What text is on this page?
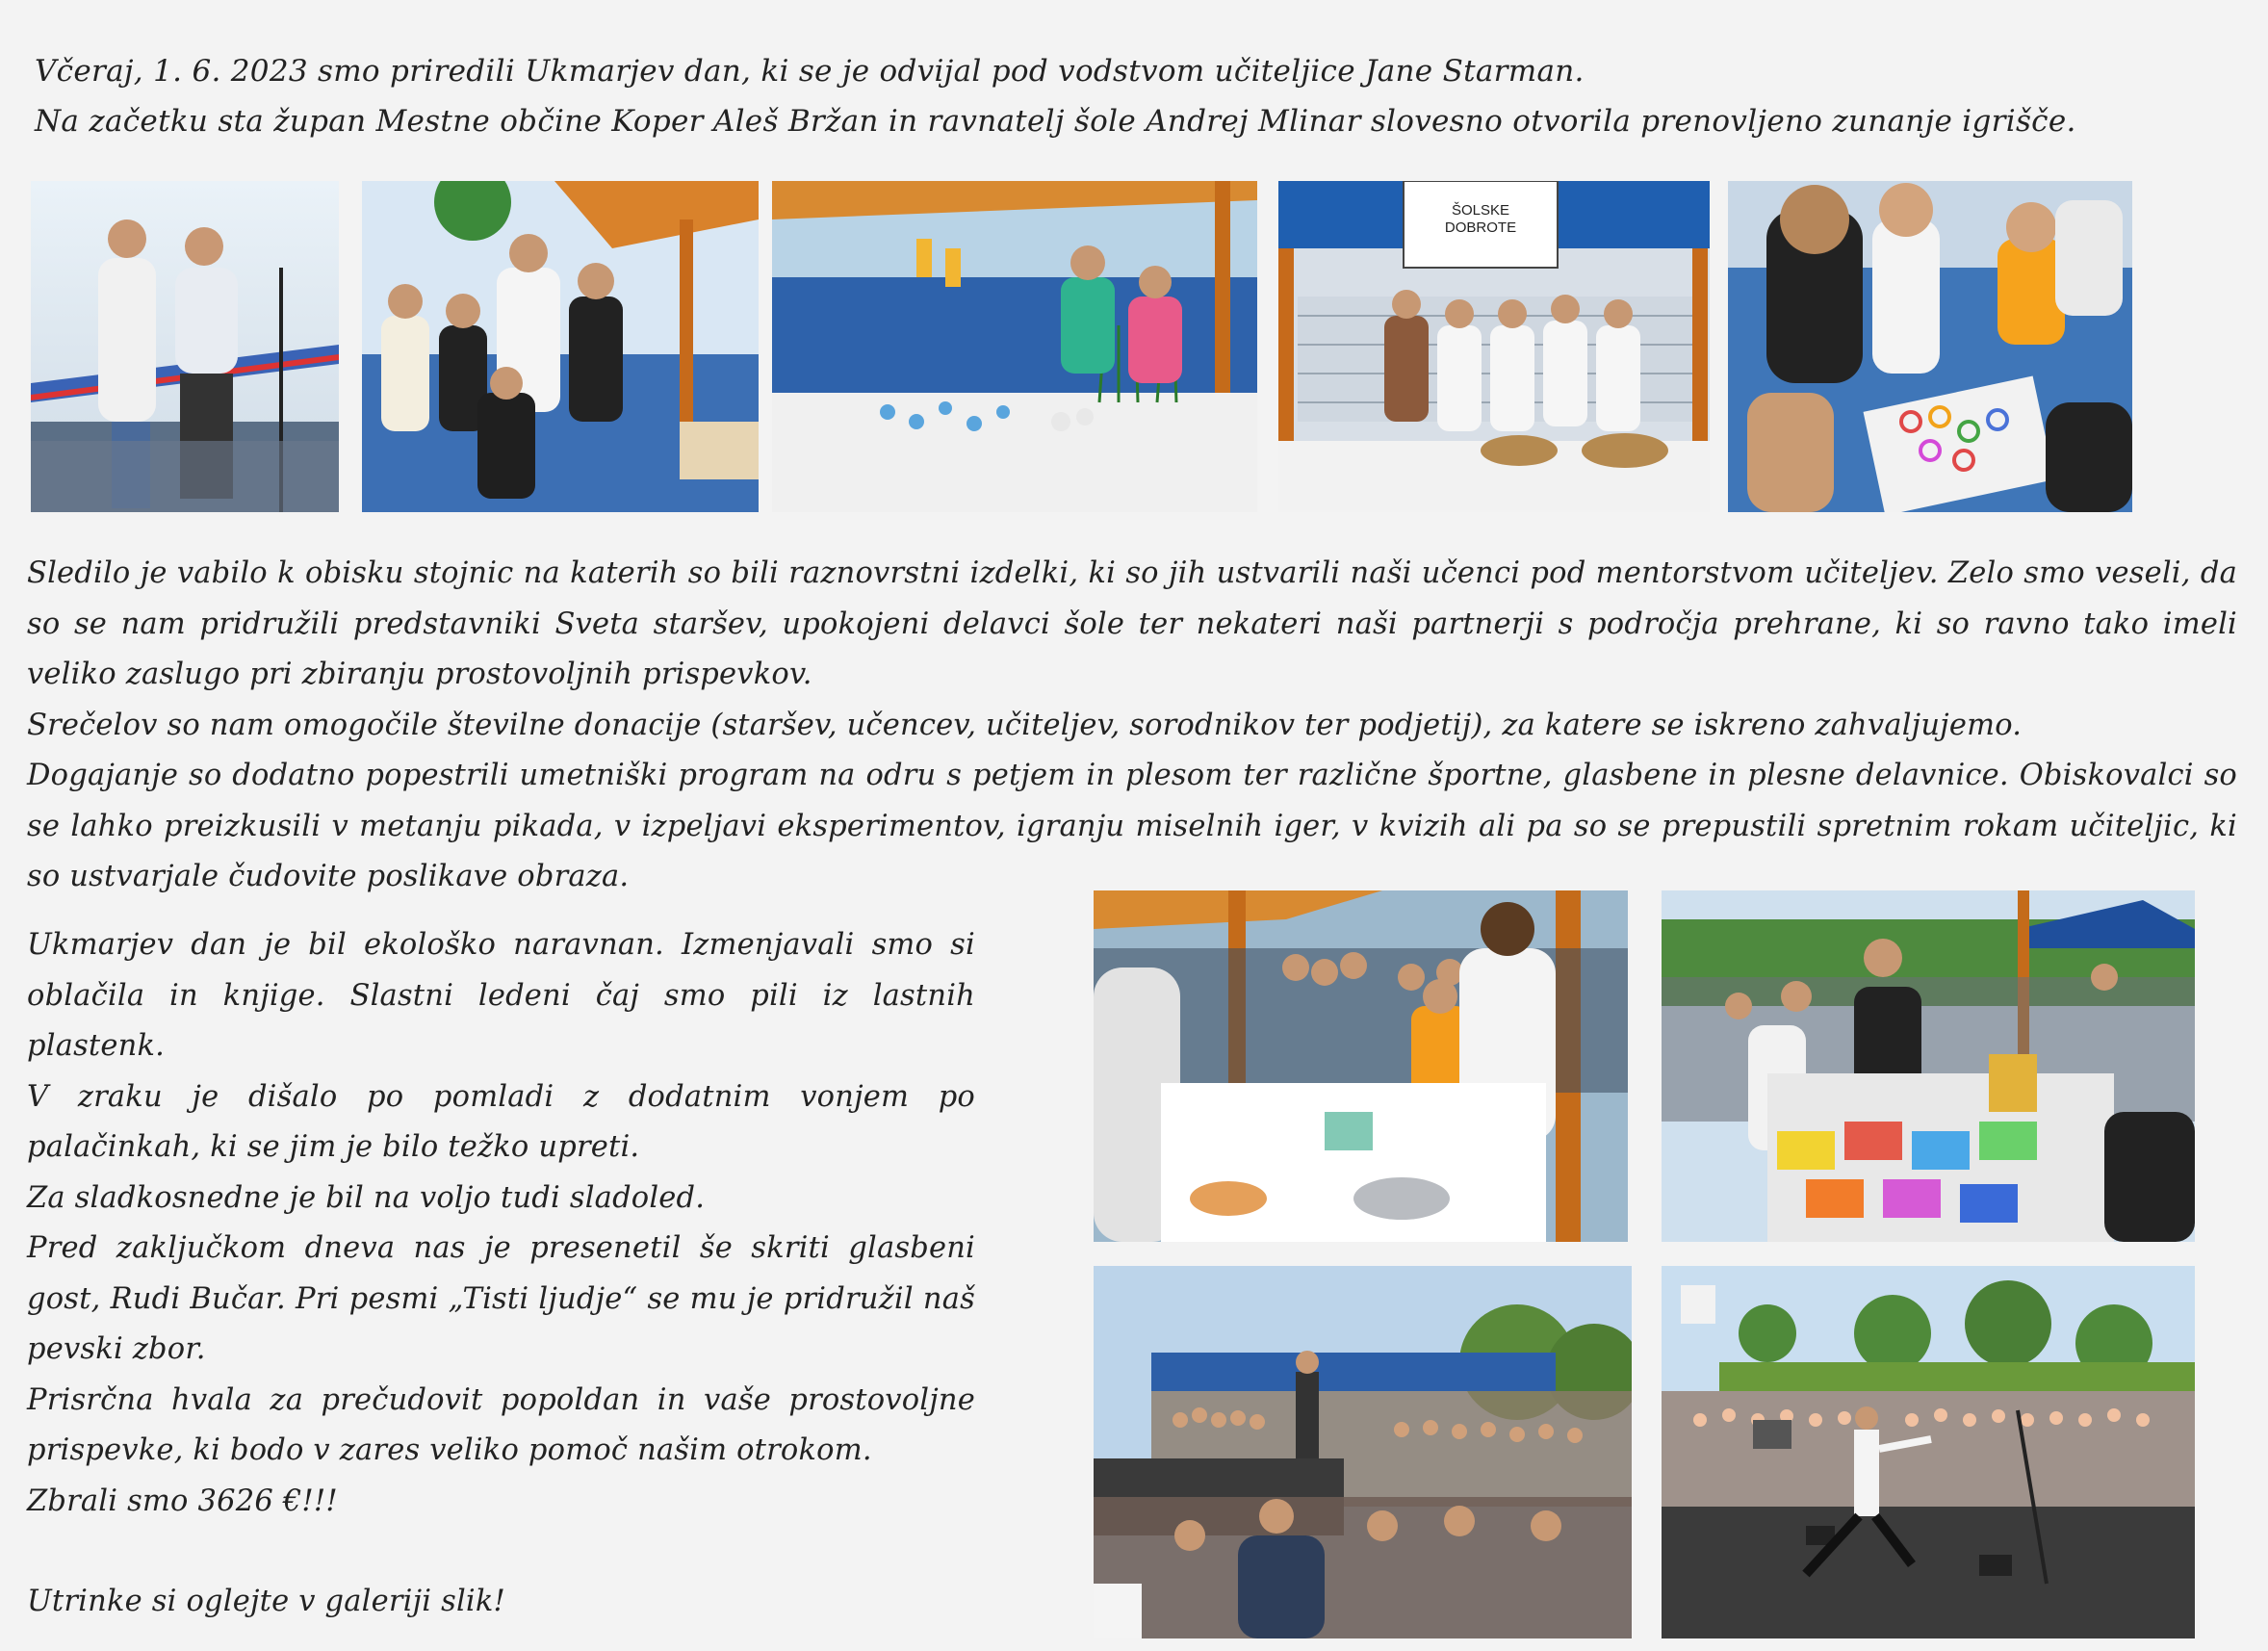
Včeraj, 1. 6. 2023 smo priredili Ukmarjev dan, ki se je odvijal pod vodstvom učiteljice Jane Starman.

Na začetku sta župan Mestne občine Koper Aleš Bržan in ravnatelj šole Andrej Mlinar slovesno otvorila prenovljeno zunanje igrišče.

ŠOLSKE
DOBROTE

Sledilo je vabilo k obisku stojnic na katerih so bili raznovrstni izdelki, ki so jih ustvarili naši učenci pod mentorstvom učiteljev. Zelo smo veseli, da so se nam pridružili predstavniki Sveta staršev, upokojeni delavci šole ter nekateri naši partnerji s področja prehrane, ki so ravno tako imeli veliko zaslugo pri zbiranju prostovoljnih prispevkov.

Srečelov so nam omogočile številne donacije (staršev, učencev, učiteljev, sorodnikov ter podjetij), za katere se iskreno zahvaljujemo.

Dogajanje so dodatno popestrili umetniški program na odru s petjem in plesom ter različne športne, glasbene in plesne delavnice. Obiskovalci so se lahko preizkusili v metanju pikada, v izpeljavi eksperimentov, igranju miselnih iger, v kvizih ali pa so se prepustili spretnim rokam učiteljic, ki so ustvarjale čudovite poslikave obraza.

Ukmarjev dan je bil ekološko naravnan. Izmenjavali smo si oblačila in knjige. Slastni ledeni čaj smo pili iz lastnih plastenk.

V zraku je dišalo po pomladi z dodatnim vonjem po palačinkah, ki se jim je bilo težko upreti.

Za sladkosnedne je bil na voljo tudi sladoled.

Pred zaključkom dneva nas je presenetil še skriti glasbeni gost, Rudi Bučar. Pri pesmi „Tisti ljudje“ se mu je pridružil naš pevski zbor.

Prisrčna hvala za prečudovit popoldan in vaše prostovoljne prispevke, ki bodo v zares veliko pomoč našim otrokom.

Zbrali smo 3626 €!!!

Utrinke si oglejte v galeriji slik!
